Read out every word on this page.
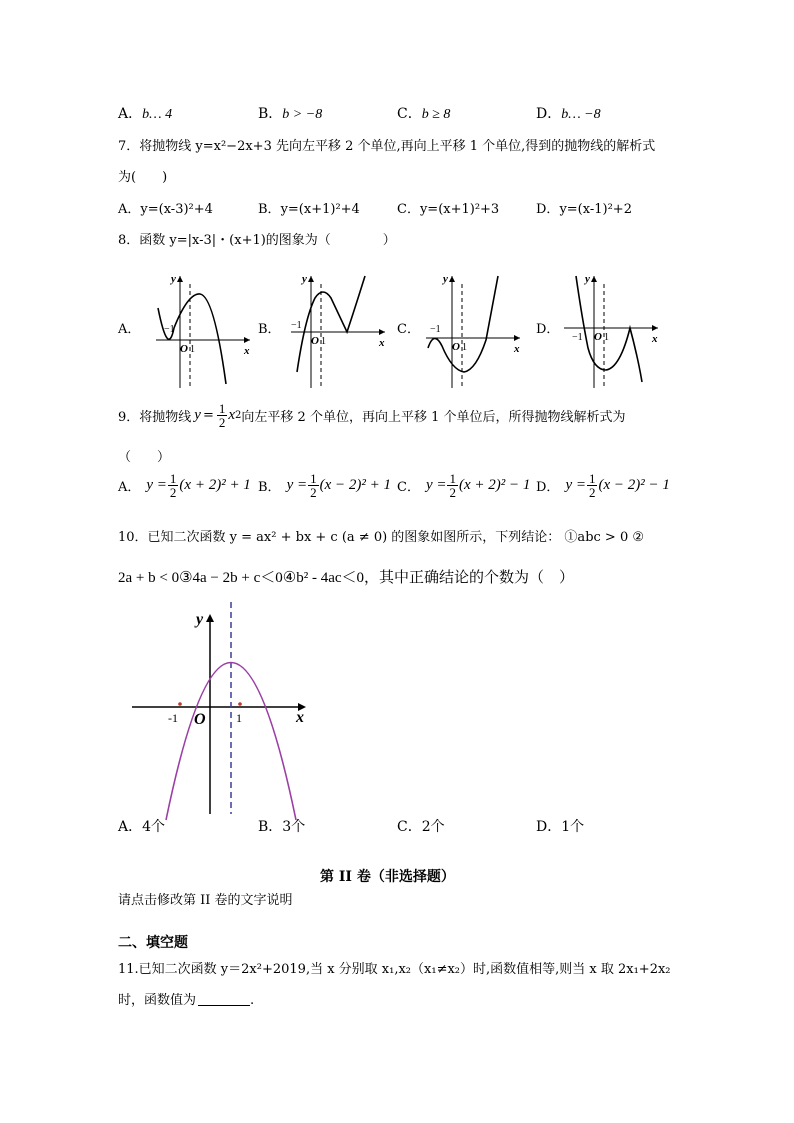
A．b… 4	B．b > −8	C．b ≥ 8	D．b… −8
7．将抛物线 y=x²−2x+3 先向左平移 2 个单位,再向上平移 1 个单位,得到的抛物线的解析式
为(　　)
A．y=(x-3)²+4	B．y=(x+1)²+4	C．y=(x+1)²+3	D．y=(x-1)²+2
8．函数 y=|x-3|・(x+1)的图象为（　　　　）
A．
y
x
O 1
−1	B．
y
x
O 1
−1	C．
y
x
O 1
−1	D．
y
x
O 1
−1
9．将抛物线 $y = \frac{1}{2}$ x 2 向左平移 2 个单位，再向上平移 1 个单位后，所得抛物线解析式为
（　　）
A． $y = \frac{1}{2} (x + 2)^2 + 1$ B． $y = \frac{1}{2} (x - 2)^2 + 1$ C． $y = \frac{1}{2} (x + 2)^2 - 1$ D． $y = \frac{1}{2} (x - 2)^2 - 1$
10．已知二次函数 y = ax² + bx + c (a ≠ 0) 的图象如图所示，下列结论： ①abc > 0 ②
2a + b < 0③4a − 2b + c＜0④b² - 4ac＜0，其中正确结论的个数为（　）
y
x
O	1
-1
A．4个	B．3个	C．2个	D．1个
第 II 卷（非选择题）
请点击修改第 II 卷的文字说明
二、填空题
11.已知二次函数 y＝2x²+2019,当 x 分别取 x₁,x₂（x₁≠x₂）时,函数值相等,则当 x 取 2x₁+2x₂
时，函数值为	.
